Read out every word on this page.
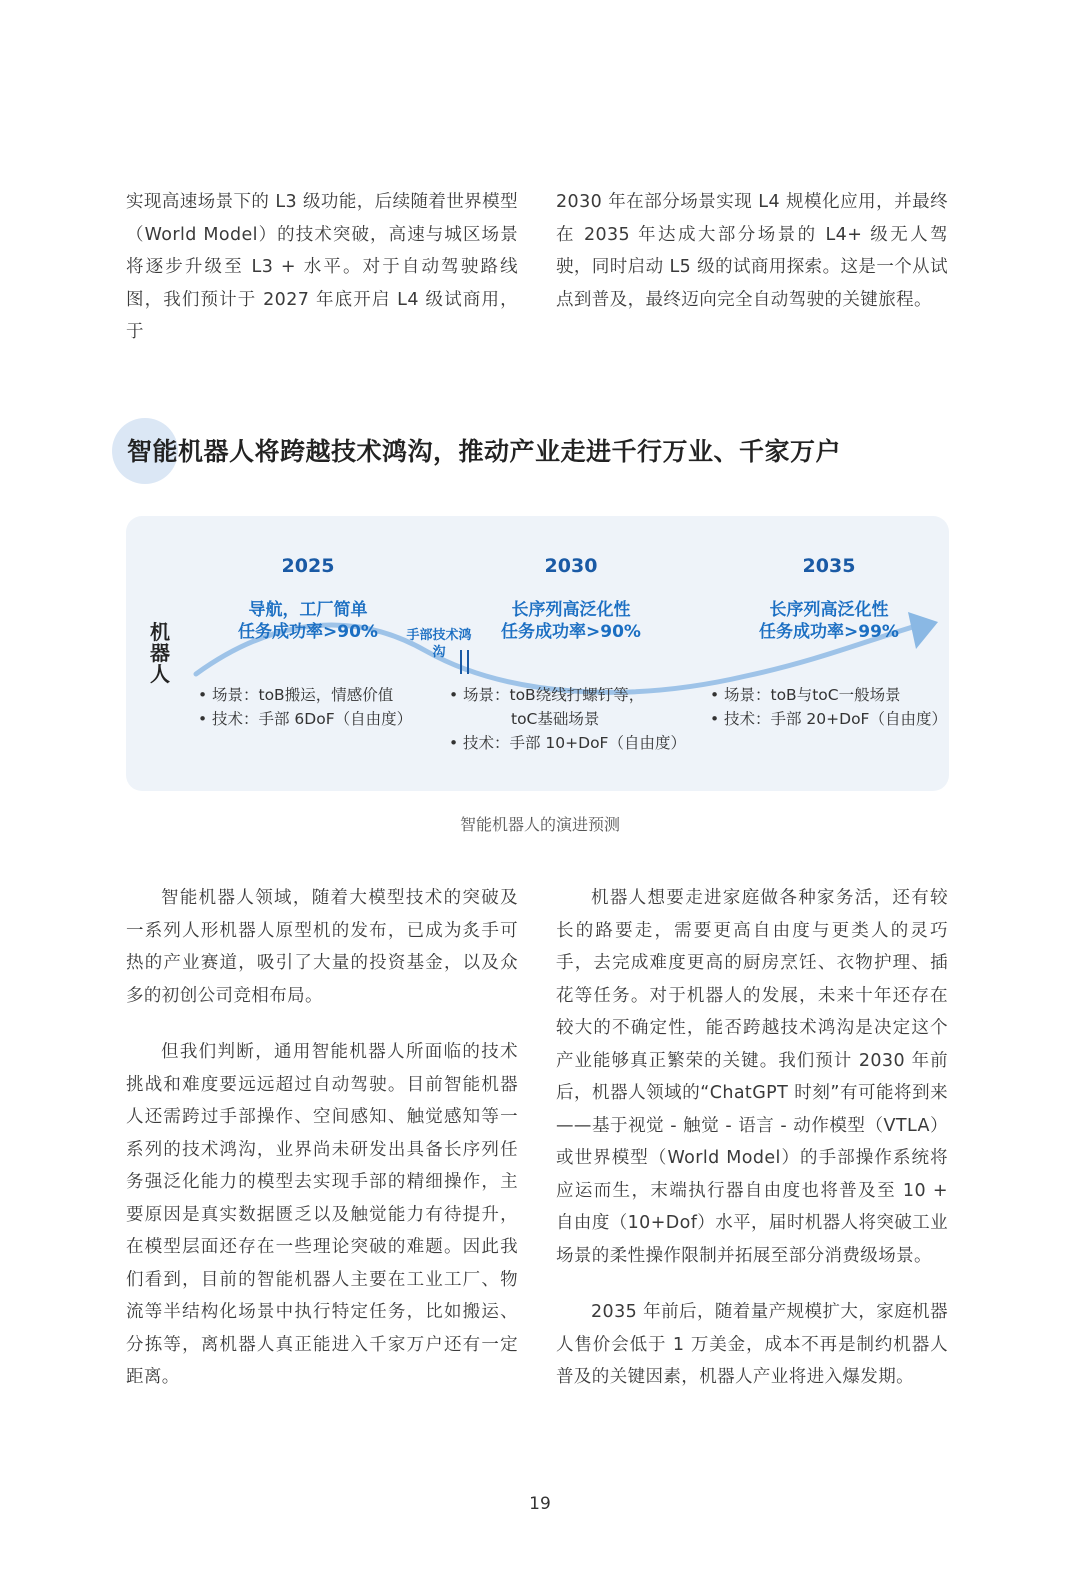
实现高速场景下的 L3 级功能，后续随着世界模型（World Model）的技术突破，高速与城区场景将逐步升级至 L3 + 水平。对于自动驾驶路线图，我们预计于 2027 年底开启 L4 级试商用，于

2030 年在部分场景实现 L4 规模化应用，并最终在 2035 年达成大部分场景的 L4+ 级无人驾驶，同时启动 L5 级的试商用探索。这是一个从试点到普及，最终迈向完全自动驾驶的关键旅程。

智能机器人将跨越技术鸿沟，推动产业走进千行万业、千家万户
机器人
手部技术鸿沟
2025	2030	2035
导航，工厂简单
任务成功率>90%
长序列高泛化性
任务成功率>90%
长序列高泛化性
任务成功率>99%
• 场景：toB搬运，情感价值
• 技术：手部 6DoF（自由度）
• 场景：toB绕线打螺钉等，
toC基础场景
• 技术：手部 10+DoF（自由度）
• 场景：toB与toC一般场景
• 技术：手部 20+DoF（自由度）
智能机器人的演进预测

智能机器人领域，随着大模型技术的突破及一系列人形机器人原型机的发布，已成为炙手可热的产业赛道，吸引了大量的投资基金，以及众多的初创公司竞相布局。

但我们判断，通用智能机器人所面临的技术挑战和难度要远远超过自动驾驶。目前智能机器人还需跨过手部操作、空间感知、触觉感知等一系列的技术鸿沟，业界尚未研发出具备长序列任务强泛化能力的模型去实现手部的精细操作，主要原因是真实数据匮乏以及触觉能力有待提升，在模型层面还存在一些理论突破的难题。因此我们看到，目前的智能机器人主要在工业工厂、物流等半结构化场景中执行特定任务，比如搬运、分拣等，离机器人真正能进入千家万户还有一定距离。

机器人想要走进家庭做各种家务活，还有较长的路要走，需要更高自由度与更类人的灵巧手，去完成难度更高的厨房烹饪、衣物护理、插花等任务。对于机器人的发展，未来十年还存在较大的不确定性，能否跨越技术鸿沟是决定这个产业能够真正繁荣的关键。我们预计 2030 年前后，机器人领域的“ChatGPT 时刻”有可能将到来——基于视觉 - 触觉 - 语言 - 动作模型（VTLA）或世界模型（World Model）的手部操作系统将应运而生，末端执行器自由度也将普及至 10 + 自由度（10+Dof）水平，届时机器人将突破工业场景的柔性操作限制并拓展至部分消费级场景。

2035 年前后，随着量产规模扩大，家庭机器人售价会低于 1 万美金，成本不再是制约机器人普及的关键因素，机器人产业将进入爆发期。

19
